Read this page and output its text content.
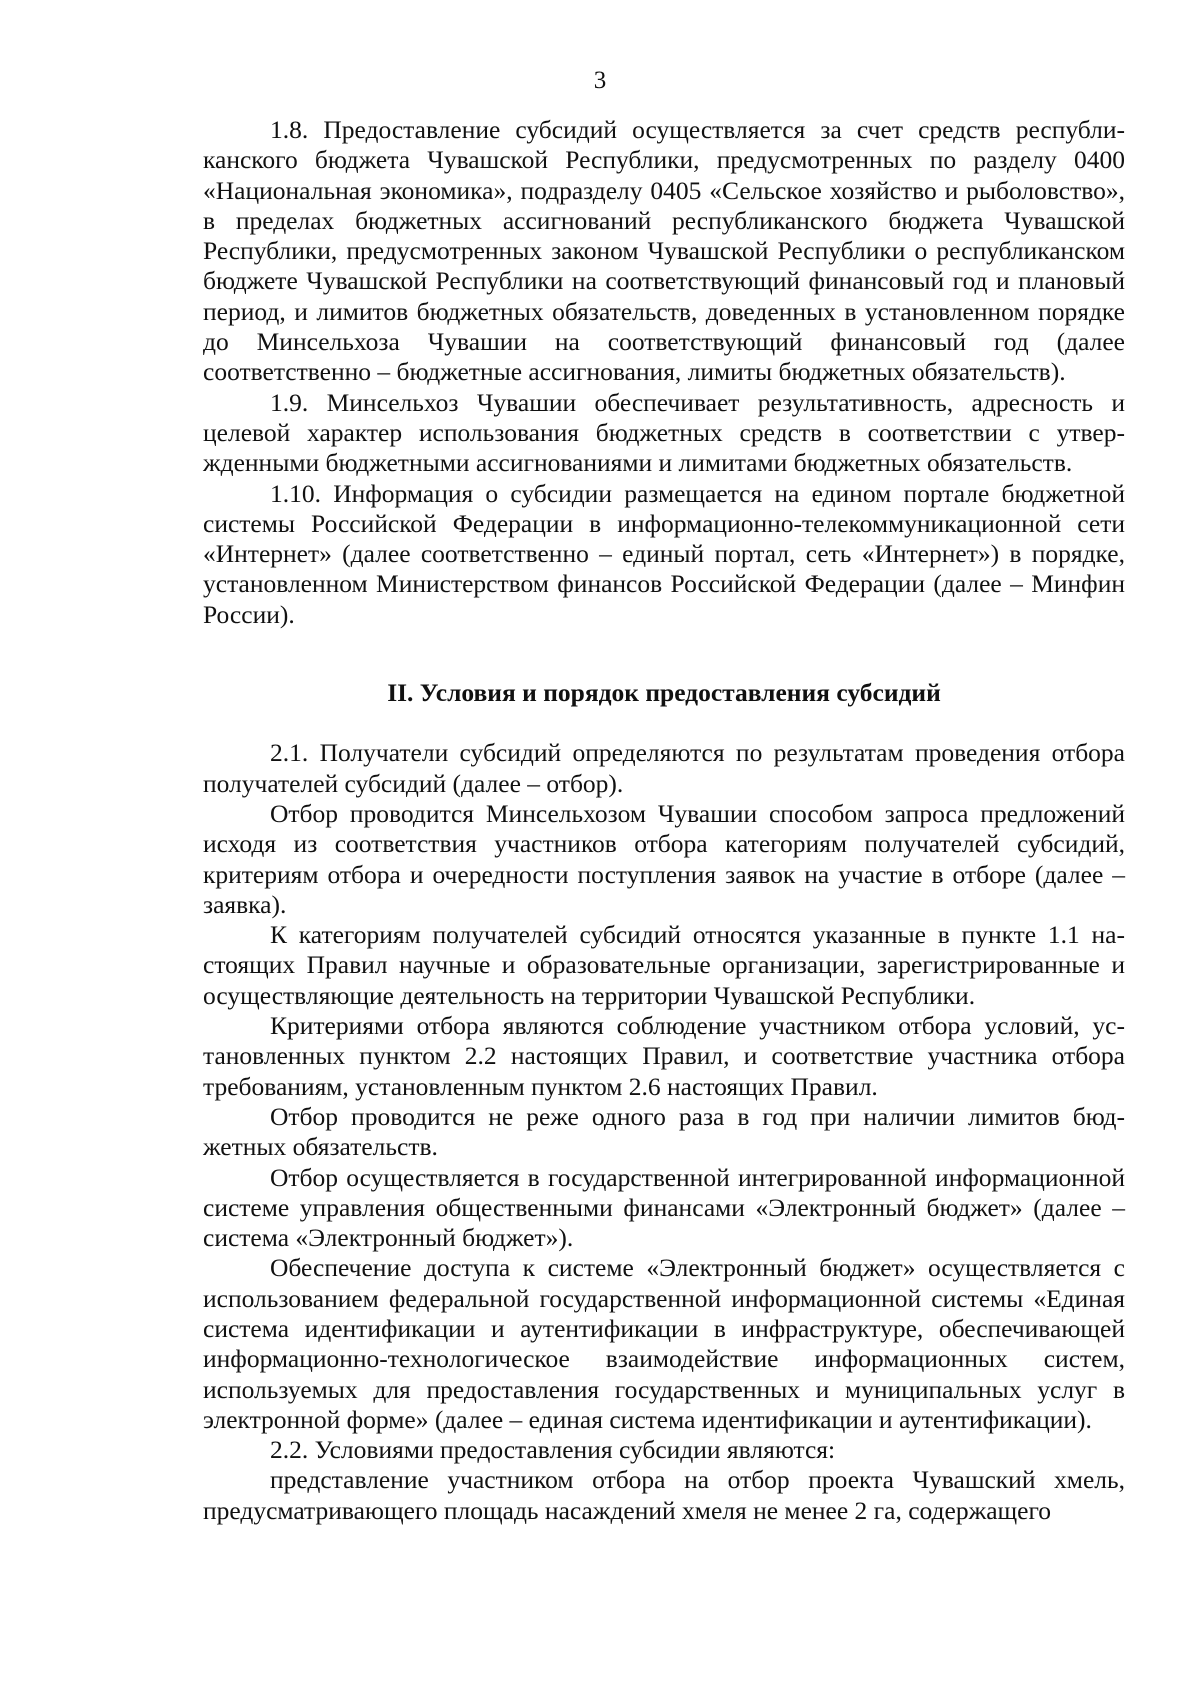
3

1.8. Предоставление субсидий осуществляется за счет средств республиканского бюджета Чувашской Республики, предусмотренных по разделу 0400 «Национальная экономика», подразделу 0405 «Сельское хозяйство и рыболовство», в пределах бюджетных ассигнований республиканского бюджета Чувашской Республики, предусмотренных законом Чувашской Республики о республиканском бюджете Чувашской Республики на соответствующий финансовый год и плановый период, и лимитов бюджетных обязательств, доведенных в установленном порядке до Минсельхоза Чувашии на соответствующий финансовый год (далее соответственно – бюджетные ассигнования, лимиты бюджетных обязательств).

1.9. Минсельхоз Чувашии обеспечивает результативность, адресность и целевой характер использования бюджетных средств в соответствии с утвержденными бюджетными ассигнованиями и лимитами бюджетных обязательств.

1.10. Информация о субсидии размещается на едином портале бюджетной системы Российской Федерации в информационно-телекоммуникационной сети «Интернет» (далее соответственно – единый портал, сеть «Интернет») в порядке, установленном Министерством финансов Российской Федерации (далее – Минфин России).

II. Условия и порядок предоставления субсидий

2.1. Получатели субсидий определяются по результатам проведения отбора получателей субсидий (далее – отбор).

Отбор проводится Минсельхозом Чувашии способом запроса предложений исходя из соответствия участников отбора категориям получателей субсидий, критериям отбора и очередности поступления заявок на участие в отборе (далее – заявка).

К категориям получателей субсидий относятся указанные в пункте 1.1 настоящих Правил научные и образовательные организации, зарегистрированные и осуществляющие деятельность на территории Чувашской Республики.

Критериями отбора являются соблюдение участником отбора условий, установленных пунктом 2.2 настоящих Правил, и соответствие участника отбора требованиям, установленным пунктом 2.6 настоящих Правил.

Отбор проводится не реже одного раза в год при наличии лимитов бюджетных обязательств.

Отбор осуществляется в государственной интегрированной информационной системе управления общественными финансами «Электронный бюджет» (далее – система «Электронный бюджет»).

Обеспечение доступа к системе «Электронный бюджет» осуществляется с использованием федеральной государственной информационной системы «Единая система идентификации и аутентификации в инфраструктуре, обеспечивающей информационно-технологическое взаимодействие информационных систем, используемых для предоставления государственных и муниципальных услуг в электронной форме» (далее – единая система идентификации и аутентификации).

2.2. Условиями предоставления субсидии являются:

представление участником отбора на отбор проекта Чувашский хмель, предусматривающего площадь насаждений хмеля не менее 2 га, содержащего
